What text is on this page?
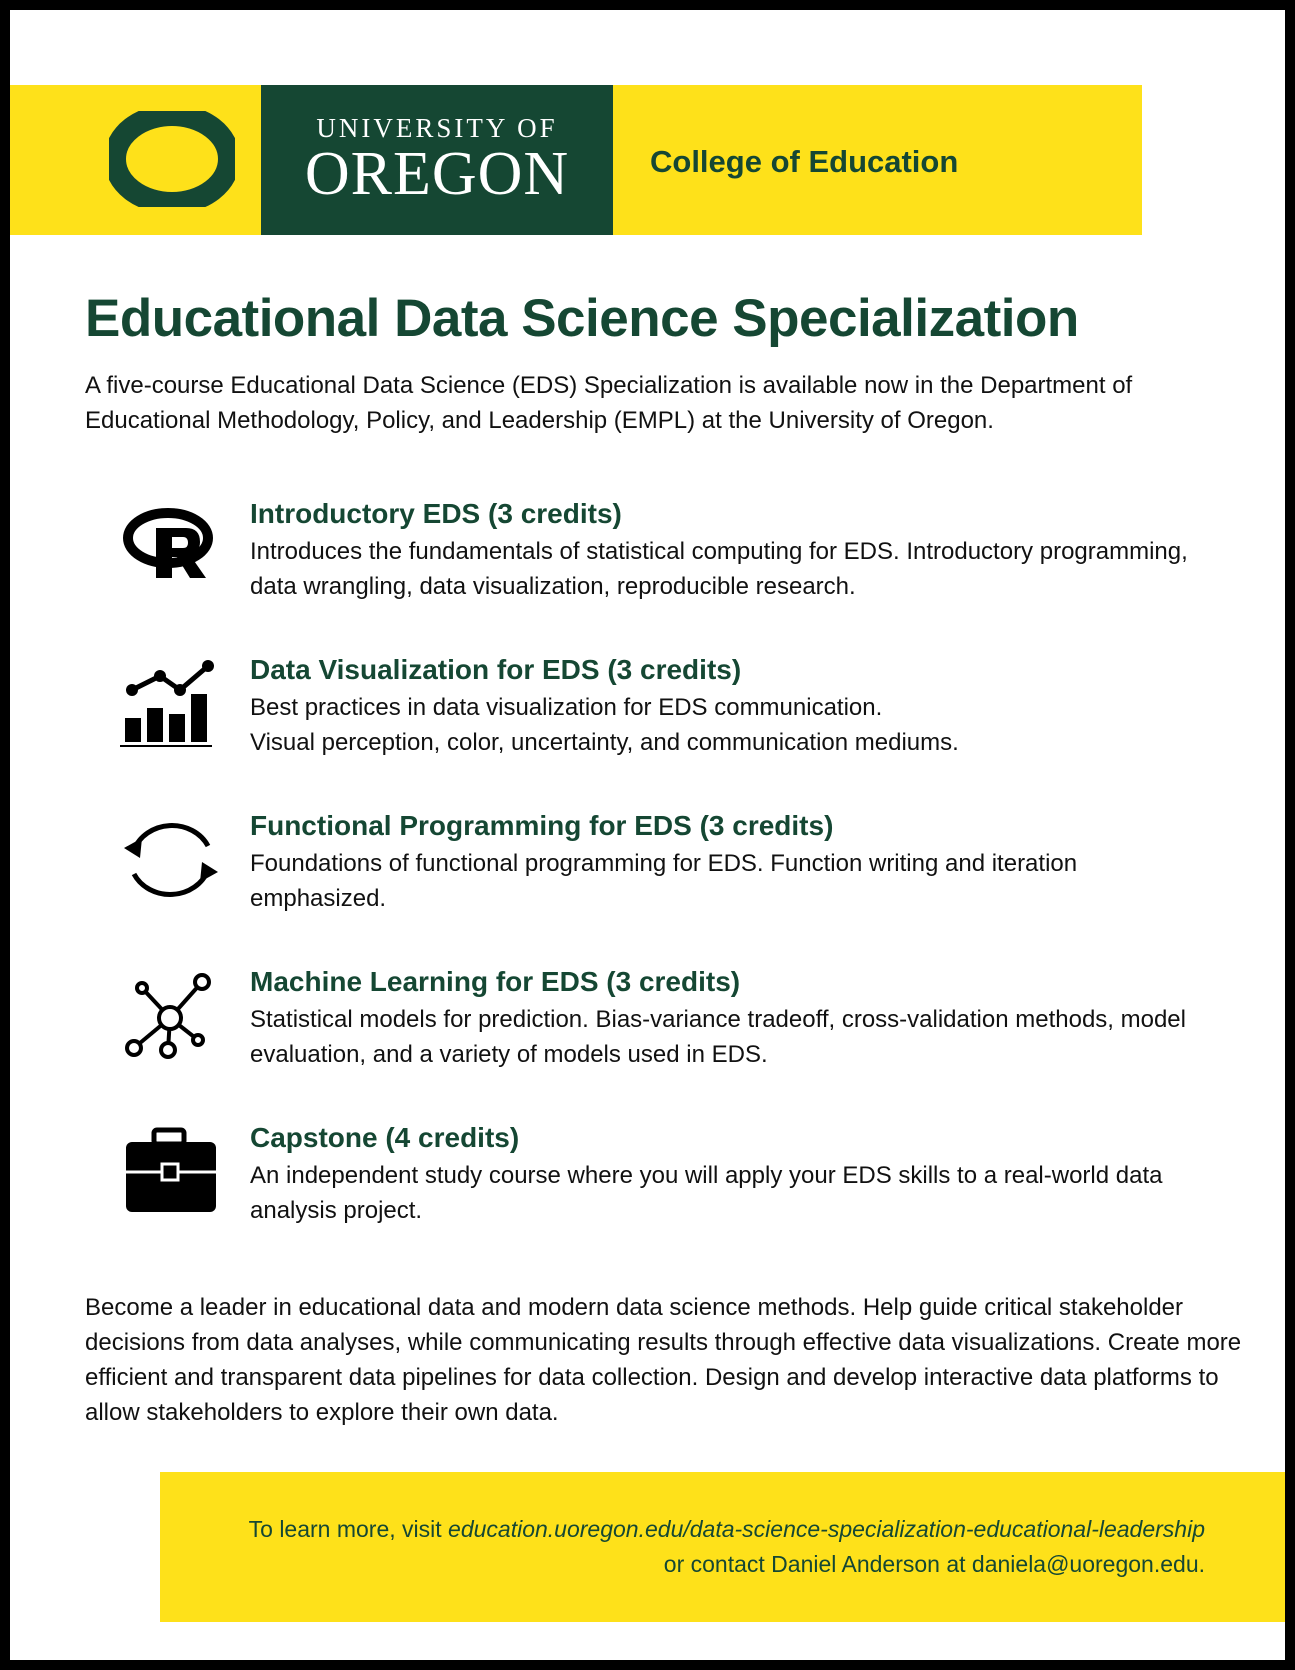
UNIVERSITY OF
OREGON	College of Education
Educational Data Science Specialization
A five-course Educational Data Science (EDS) Specialization is available now in the Department of Educational Methodology, Policy, and Leadership (EMPL) at the University of Oregon.
Introductory EDS (3 credits)
Introduces the fundamentals of statistical computing for EDS. Introductory programming, data wrangling, data visualization, reproducible research.
Data Visualization for EDS (3 credits)
Best practices in data visualization for EDS communication.
Visual perception, color, uncertainty, and communication mediums.
Functional Programming for EDS (3 credits)
Foundations of functional programming for EDS. Function writing and iteration emphasized.
Machine Learning for EDS (3 credits)
Statistical models for prediction. Bias-variance tradeoff, cross-validation methods, model evaluation, and a variety of models used in EDS.
Capstone (4 credits)
An independent study course where you will apply your EDS skills to a real-world data analysis project.
Become a leader in educational data and modern data science methods. Help guide critical stakeholder decisions from data analyses, while communicating results through effective data visualizations. Create more efficient and transparent data pipelines for data collection. Design and develop interactive data platforms to allow stakeholders to explore their own data.
To learn more, visit education.uoregon.edu/data-science-specialization-educational-leadership
or contact Daniel Anderson at daniela@uoregon.edu.
